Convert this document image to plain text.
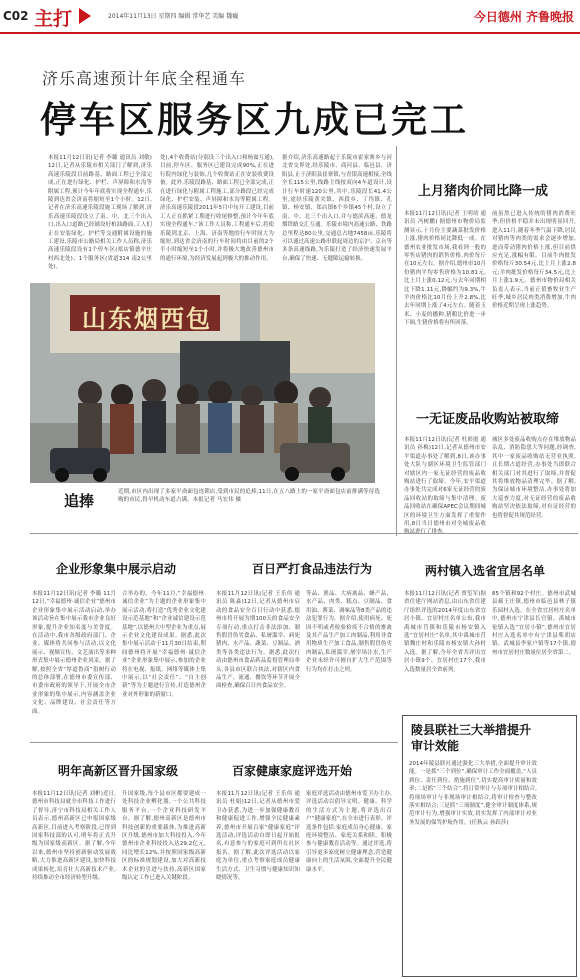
C02 主打	2014年11月13日 星期四 编辑 常华艺 美编 魏巍	今日德州 齐鲁晚报
济乐高速预计年底全程通车
停车区服务区九成已完工
本报11月12日讯(记者 李璐 通讯员 刘敏) 12日,记者从乐陵市相关部门了解到,济乐高速乐陵段目前路基、路面工程已全部完成,正在进行绿化、护栏、声屏障和水沟等附属工程,预计今年年底将实现全程通车,乐陵到达省会济南将缩短至1个小时。12日,记者在济乐高速乐陵段施工现场了解到,济乐高速乐陵段设立了南、中、北三个出入口,出入口道路已经铺设好柏油路面,工人们正在安装绿化、护栏等交通附属设施的施工建设,乐陵市公路局相关工作人员称,济乐高速乐陵段设有1个停车区(郑店镇德辛庄村西北处)、1个服务区(省道314 南2公里处)。
处),4个收费站(分别设三个出入口和杨寓互通),目前,停车区、服务区已建设完成90%,正在进行院内绿化与装饰,几个收费站正在安装收费设备。此外,乐陵段路基、路面工程已全部完成,正在进行绿化与附属工程施工,部分路段已经完成绿化、护栏安装、声屏障和水沟等附属工程。济乐高速乐陵段2011年5月中旬开工建设,目前工人正在抓紧工期进行收尾修整,预计今年年底实现全程通车,“该工作人员称,工程通车后,将使乐陵到北京、上海、济南等地的行车时间大为缩短,到达省会济南的行车时间将由目前的2个半小时缩短至1个小时,并将极大地改善德州市的通行环境,为经济发展起到极大的推动作用。
据介绍,济乐高速路起于乐陵市霍家寨乡与河北省交界处,经乐陵市、商河县、临邑县、济阳县,止于济阳县崔寨镇,与青银高速相接,全线全长115公里,线路主线按双向4车道设计,设计行车时速120公里,其中,乐陵段长41.4公里,途经乐陵黄夹镇、西段乡、丁坞镇、孔镇、杨安镇、郑店镇6个乡镇45个村,设立了南、中、北三个出入口,并与德滨高速、德龙烟铁路交汇互通。乐陵市境内高速公路、铁路总里程达80公里,交通总占地7458亩,乐陵将可以通过高速公路串联起周边的京沪、京台等多条高速线路,为乐陵打造了经济快速发展平台,确保了快速、无缝隙运输转换。
山东烟西包
追捧	近期,市区内出现了多家平斋面包连锁店,受到市民的追捧,11日,在五八路上的一家平斋面包店前排满等待选购的市民,得早机动车道占满。本报记者 马宏伟 摄
上月猪肉价同比降一成
本报11月12日讯(记者 王明靖 通讯员 冯树鹏) 据德州市物价局监测显示,十月份主要蔬菜批发价格上涨,猪肉价格同比降低一成。在德州农业批发市场,我看到一般的零售店猪肉的销售价格,肉价每斤在10元左右。据介绍,德州市10月份猪肉平均零售价格为10.81元,比上月上涨0.12元,与去年同期相比下降1.11元,降幅约为9.3%,牛羊肉价格比10月份上升2.8%,比去年同期上涨了4元左右。随着玉米、小麦的播种,猪粮比价进一步下调,生猪价格将有所回落。
前虽然已进入传统的猪肉消费旺季,但价格平稳并未出现明显回升,进入11月,随着冬季气温下降,居民对猪肉等肉类的需求会逐步增加,进而带动猪肉价格上涨,但目前供应充足,涨幅有限。目前牛肉批发价格每斤30.54元,比上月上涨2.8元;羊肉批发价格每斤34.5元,比上月上涨1.9元。德州市物价局相关负责人表示,当前正值畜牧业生产旺季,城乡居民肉类消费增加,牛肉价格近期呈现上涨趋势。
一无证废品收购站被取缔
本报11月12日讯(记者 杜彩霞 通讯员 孙梅)12日,记者从德州市安平渠道办事处了解到,8日,该办事处大队与湖区环境卫生监管部门对辖区内一家无证经营的废品收购站进行了取缔。今年,安平渠道办事处共完成对6家无证经营的废品回收站的取缔与集中清理。废品回收站在确保APEC会议期间城区的环境卫生方面发挥了重要作用,8日当日德州市对全城废品收
城区多处废品收购点存在堆放物品杂乱、消防隐患大等问题,经调查,其中一家废品收购站无营业执照,且长期占道经营,办事处当即联合相关部门对其进行了取缔,并督促其将堆放物品清理完毕。据了解,为保证城市环境整洁,办事处将加大巡查力度,对无证经营的废品收购站坚决依法取缔,对有证经营的也将督促其规范经营。
企业形象集中展示启动
本报11月12日讯(记者 李璐 11月12日,“幸福德州·诚信企业”德州市企业形象集中展示活动启动,举办该活动旨在集中展示我市企业良好形象,提升企业知名度与美誉度。在活动中,我市各级政府部门、企业、媒体将共同参与活动,以文化展示、视频宣传、文艺演出等多种形式集中展示德州企业风采。据了解,按照全省“厚道鲁商”倡树行动的总体部署,在德州市委宣传部、市委市政府的领导下,开展全市企业形象的集中展示,内容涵盖企业文化、品牌建设、社会责任等方面。
合举办的。今年11月,“幸福德州·诚信企业”为主题的企业形象集中展示活动,将打造“优秀企业文化建设示范基地”和“企业诚信建设示范基地”,以德州大中型企业为重点,展示企业文化建设成果。据悉,此次集中展示活动于11月30日结束,期间德州将开展“幸福德州·诚信企业”企业形象集中展示,参加的企业将在电视、报纸、网络等媒体上集中展示,以“社会责任”、“自主创新”等为主题进行宣传,打造德州企业对外形象的新窗口。
百日严打食品违法行为
本报11月12日讯(记者 王乐伟 通讯员 陈淼)12日,记者从德州市启动的食品安全百日行动中获悉,德州市将开展为期100天的食品安全专项行动,重点打击非法添加、制售假冒伪劣食品、私屠滥宰、病死猪肉、水产品、蔬菜、豆制品、酒类等各类违法行为。据悉,此次行动由德州市食品药品监督管理局牵头,各县市区联合执法,对辖区内食品生产、流通、餐饮等环节开展全面检查,确保百日内食品安全。
等品、渔品、大病禽品、蜂产品、水产品、肉类、糕点、豆制品、食用油、酱菜、调味品等8类产品的违法犯罪行为。据介绍,使用病死、死因不明或者检验检疫不合格的畜禽及其产品生产加工肉制品,利用非食用物质生产加工食品,制售假冒伪劣肉制品,私屠滥宰,屠宰场注水,生产企业未经许可擅自扩大生产范围等行为均在打击之列。
两村镇入选省宜居名单
本报11月12日讯(记者 贾玺军)据省住建厅网站消息,由山东省住建厅组织评选的2014年度山东省宜居小镇、宜居村庄名单公布,我市禹城市莒镇和乐陵市杨安镇入选“宜居村庄”名单,其中禹城市莒镇魏庄村和乐陵市杨安镇大孙村入选。据了解,今年全省共评出宜居小镇9个、宜居村庄17个,我市入选数量居全省前列。
85个镇和92个村庄。德州市武城县郝王庄镇,德州市临邑县林子镇乐园村入选。在全省宜居村庄名单中,德州市宁津县长官镇、禹城市伦镇入选“宜居小镇”,德州市宜居村庄入选名单中有宁津县柴胡店镇、武城县李家户镇等17个镇,德州市宜居村庄数量位居全省第二。
明年高新区晋升国家级
本报11月12日讯(记者 刘彬)近日,德州市科技局就全市科技工作进行了督导,济宁市科技局相关工作人员表示,德州高新区已申报国家级高新区,目前进入考察阶段,已得到国家科技部的认可,明年将正式升级为国家级高新区。据了解,今年以来,德州市坚持创新驱动发展战略,大力推进高新区建设,加快科技成果转化,培育壮大高新技术产业,持续推动全市经济转型升级。
升国家级,每个县市区都要建成一处科技企业孵化器,一个公共科技服务平台,一个企业科技研发平台。据了解,德州高新区是德州市科技创新的重要载体,为推进高新区升级,德州市加大科技投入,今年德州市企业科技投入达29.2亿元,同比增长12%,并按照国家级高新区的标准规划建设,加大对高新技术企业的引进与扶持,高新区国家级认定工作已进入关键阶段。
百家健康家庭评选开始
本报11月12日讯(记者 王乐伟 通讯员 杜娟)12日,记者从德州市爱卫办获悉,为进一步加强健康教育和健康促进工作,增强全民健康素养,德州市开展百家“健康家庭”评选活动,评选活动自即日起开始报名,有意参与的家庭可到所在社区报名。据了解,此次评选活动以家庭为单位,重点考察家庭成员健康生活方式、卫生习惯与健康知识知晓情况等。
家庭评选活动由德州市爱卫办主办,评选活动以倡导文明、健康、科学的生活方式为主题,将评选出百户“健康家庭”,在全市进行表彰。评选条件包括:家庭成员身心健康、家庭环境整洁、家庭关系和睦、积极参与健康教育活动等。通过评选,将引导更多家庭树立健康理念,营造健康向上的生活氛围,全面提升全民健康水平。
陵县联社三大举措提升审计效能
2014年陵县联社通过强化三大举措,全面提升审计效能。一是抓“三个到位”,确保审计工作全面覆盖,“人员到位、责任到位、措施到位”,切实提高审计质量和效率;二是抓“三个结合”,将日常审计与专项审计相结合,将现场审计与非现场审计相结合,将审计检查与整改落实相结合;三是抓“三项制度”,健全审计制度体系,规范审计行为,增强审计实效,切实发挥了内部审计对业务发展的保驾护航作用。(任秋云 孙跃莎)
